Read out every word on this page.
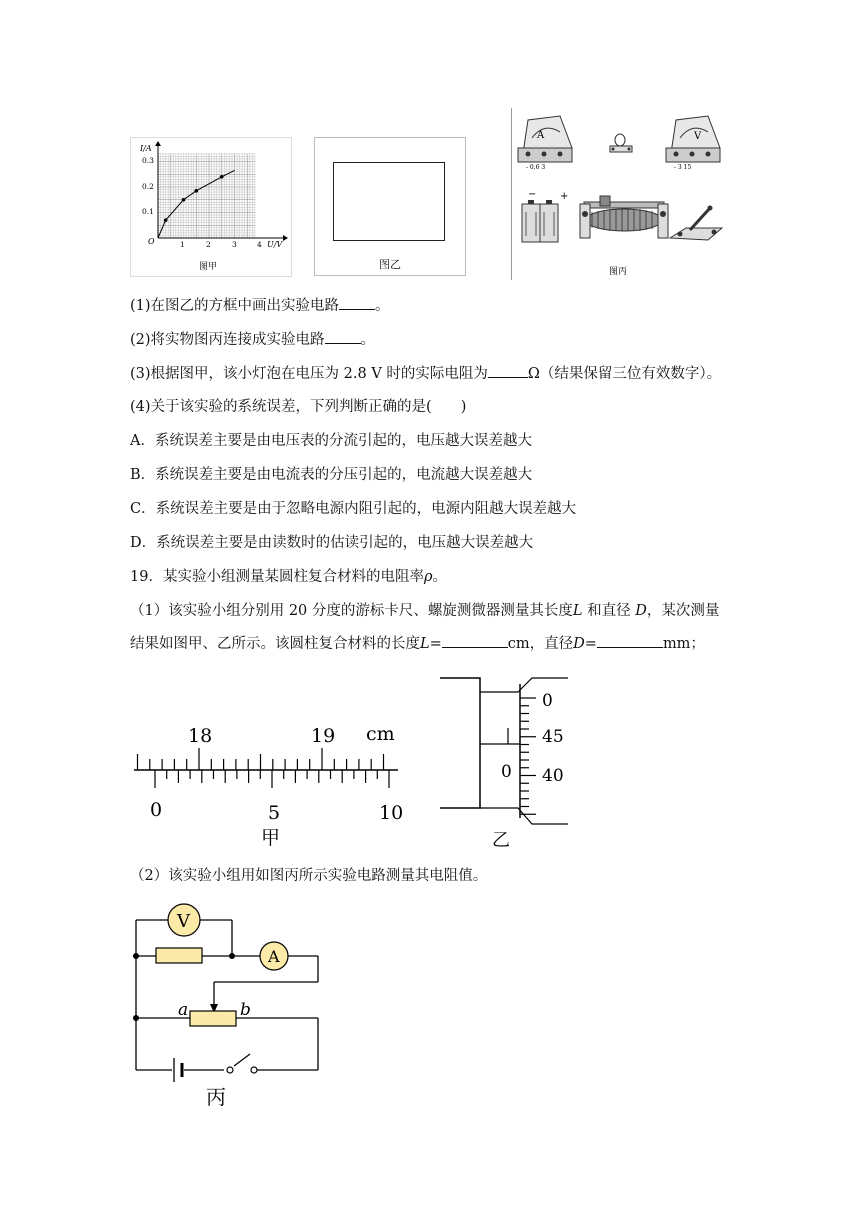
I/A
U/V
O
0.1
0.2
0.3
1	2	3	4
图甲	图乙
A
- 0.6 3
V
- 3 15
− +
图丙
(1)在图乙的方框中画出实验电路 。
(2)将实物图丙连接成实验电路 。
(3)根据图甲，该小灯泡在电压为 2.8 V 时的实际电阻为	Ω（结果保留三位有效数字）。
(4)关于该实验的系统误差，下列判断正确的是(　　)
A．系统误差主要是由电压表的分流引起的，电压越大误差越大
B．系统误差主要是由电流表的分压引起的，电流越大误差越大
C．系统误差主要是由于忽略电源内阻引起的，电源内阻越大误差越大
D．系统误差主要是由读数时的估读引起的，电压越大误差越大
19．某实验小组测量某圆柱复合材料的电阻率ρ。
（1）该实验小组分别用 20 分度的游标卡尺、螺旋测微器测量其长度L 和直径 D，某次测量
结果如图甲、乙所示。该圆柱复合材料的长度L=	cm，直径D=	mm；
18	19 cm
0	5	10
甲
0
0
45
40
乙
（2）该实验小组用如图丙所示实验电路测量其电阻值。
V
A
a	b
丙
